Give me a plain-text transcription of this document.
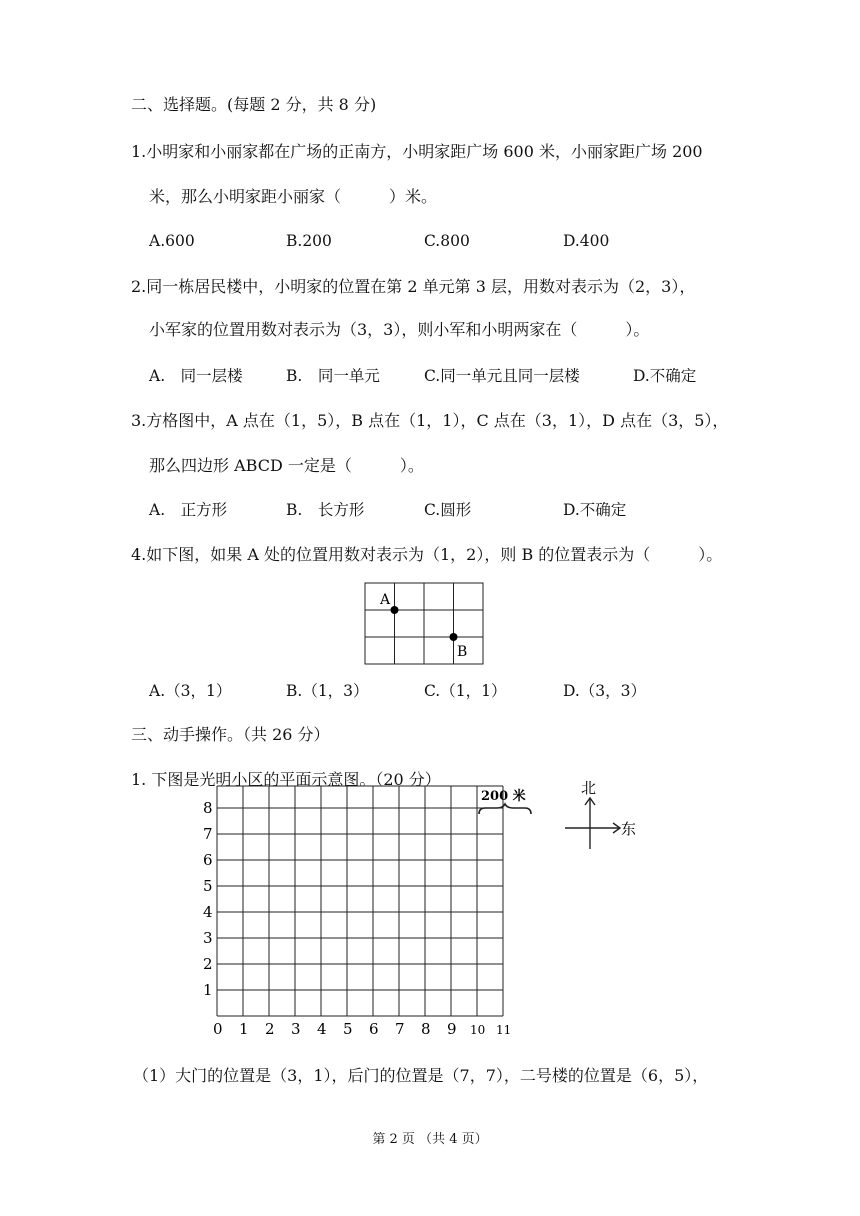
二、选择题。(每题 2 分，共 8 分)
1.小明家和小丽家都在广场的正南方，小明家距广场 600 米，小丽家距广场 200
米，那么小明家距小丽家（　　　）米。
A.600	B.200	C.800	D.400
2.同一栋居民楼中，小明家的位置在第 2 单元第 3 层，用数对表示为（2，3），
小军家的位置用数对表示为（3，3），则小军和小明两家在（　　　）。
A.　同一层楼	B.　同一单元	C.同一单元且同一层楼	D.不确定
3.方格图中，A 点在（1，5），B 点在（1，1），C 点在（3，1），D 点在（3，5），
那么四边形 ABCD 一定是（　　　）。
A.　正方形	B.　长方形	C.圆形	D.不确定
4.如下图，如果 A 处的位置用数对表示为（1，2），则 B 的位置表示为（　　　）。
A
B
A.（3，1）	B.（1，3）	C.（1，1）	D.（3，3）
三、动手操作。（共 26 分）
1. 下图是光明小区的平面示意图。（20 分）
0 1 2 3 4 5 6 7 8 9 10 11
1
2
3
4
5
6
7
8
200 米	北
东
（1）大门的位置是（3，1），后门的位置是（7，7），二号楼的位置是（6，5），
第 2 页 （共 4 页）
